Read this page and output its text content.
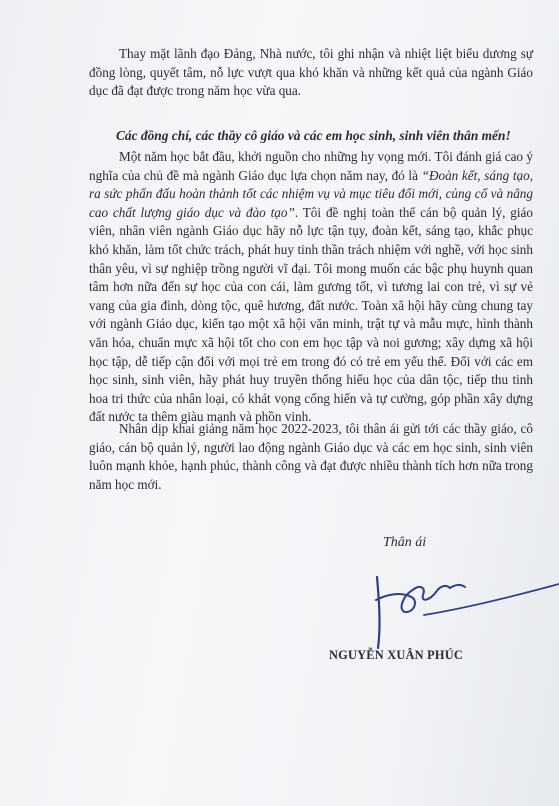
Thay mặt lãnh đạo Đảng, Nhà nước, tôi ghi nhận và nhiệt liệt biểu dương sự đồng lòng, quyết tâm, nỗ lực vượt qua khó khăn và những kết quả của ngành Giáo dục đã đạt được trong năm học vừa qua.

Các đồng chí, các thầy cô giáo và các em học sinh, sinh viên thân mến!

Một năm học bắt đầu, khởi nguồn cho những hy vọng mới. Tôi đánh giá cao ý nghĩa của chủ đề mà ngành Giáo dục lựa chọn năm nay, đó là “Đoàn kết, sáng tạo, ra sức phấn đấu hoàn thành tốt các nhiệm vụ và mục tiêu đổi mới, củng cố và nâng cao chất lượng giáo dục và đào tạo”. Tôi đề nghị toàn thể cán bộ quản lý, giáo viên, nhân viên ngành Giáo dục hãy nỗ lực tận tụy, đoàn kết, sáng tạo, khắc phục khó khăn, làm tốt chức trách, phát huy tinh thần trách nhiệm với nghề, với học sinh thân yêu, vì sự nghiệp trồng người vĩ đại. Tôi mong muốn các bậc phụ huynh quan tâm hơn nữa đến sự học của con cái, làm gương tốt, vì tương lai con trẻ, vì sự vẻ vang của gia đình, dòng tộc, quê hương, đất nước. Toàn xã hội hãy cùng chung tay với ngành Giáo dục, kiến tạo một xã hội văn minh, trật tự và mẫu mực, hình thành văn hóa, chuẩn mực xã hội tốt cho con em học tập và noi gương; xây dựng xã hội học tập, dễ tiếp cận đối với mọi trẻ em trong đó có trẻ em yếu thế. Đối với các em học sinh, sinh viên, hãy phát huy truyền thống hiếu học của dân tộc, tiếp thu tinh hoa tri thức của nhân loại, có khát vọng cống hiến và tự cường, góp phần xây dựng đất nước ta thêm giàu mạnh và phồn vinh.

Nhân dịp khai giảng năm học 2022-2023, tôi thân ái gửi tới các thầy giáo, cô giáo, cán bộ quản lý, người lao động ngành Giáo dục và các em học sinh, sinh viên luôn mạnh khỏe, hạnh phúc, thành công và đạt được nhiều thành tích hơn nữa trong năm học mới.

Thân ái
NGUYỄN XUÂN PHÚC
